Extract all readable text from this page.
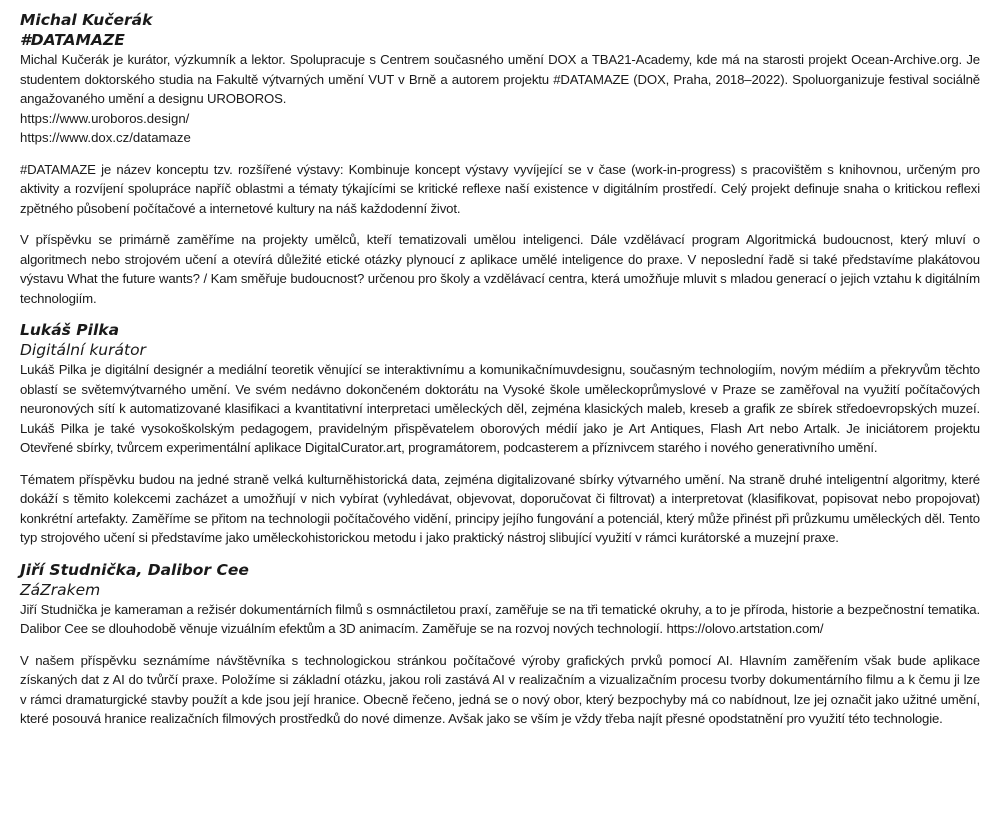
Michal Kučerák
#DATAMAZE

Michal Kučerák je kurátor, výzkumník a lektor. Spolupracuje s Centrem současného umění DOX a TBA21-Academy, kde má na starosti projekt Ocean-Archive.org. Je studentem doktorského studia na Fakultě výtvarných umění VUT v Brně a autorem projektu #DATAMAZE (DOX, Praha, 2018–2022). Spoluorganizuje festival sociálně angažovaného umění a designu UROBOROS.

https://www.uroboros.design/
https://www.dox.cz/datamaze

#DATAMAZE je název konceptu tzv. rozšířené výstavy: Kombinuje koncept výstavy vyvíjející se v čase (work-in-progress) s pracovištěm s knihovnou, určeným pro aktivity a rozvíjení spolupráce napříč oblastmi a tématy týkajícími se kritické reflexe naší existence v digitálním prostředí. Celý projekt definuje snaha o kritickou reflexi zpětného působení počítačové a internetové kultury na náš každodenní život.

V příspěvku se primárně zaměříme na projekty umělců, kteří tematizovali umělou inteligenci. Dále vzdělávací program Algoritmická budoucnost, který mluví o algoritmech nebo strojovém učení a otevírá důležité etické otázky plynoucí z aplikace umělé inteligence do praxe. V neposlední řadě si také představíme plakátovou výstavu What the future wants? / Kam směřuje budoucnost? určenou pro školy a vzdělávací centra, která umožňuje mluvit s mladou generací o jejich vztahu k digitálním technologiím.

Lukáš Pilka
Digitální kurátor

Lukáš Pilka je digitální designér a mediální teoretik věnující se interaktivnímu a komunikačnímuvdesignu, současným technologiím, novým médiím a překryvům těchto oblastí se světemvýtvarného umění. Ve svém nedávno dokončeném doktorátu na Vysoké škole uměleckoprůmyslové v Praze se zaměřoval na využití počítačových neuronových sítí k automatizované klasifikaci a kvantitativní interpretaci uměleckých děl, zejména klasických maleb, kreseb a grafik ze sbírek středoevropských muzeí. Lukáš Pilka je také vysokoškolským pedagogem, pravidelným přispěvatelem oborových médií jako je Art Antiques, Flash Art nebo Artalk. Je iniciátorem projektu Otevřené sbírky, tvůrcem experimentální aplikace DigitalCurator.art, programátorem, podcasterem a příznivcem starého i nového generativního umění.

Tématem příspěvku budou na jedné straně velká kulturněhistorická data, zejména digitalizované sbírky výtvarného umění. Na straně druhé inteligentní algoritmy, které dokáží s těmito kolekcemi zacházet a umožňují v nich vybírat (vyhledávat, objevovat, doporučovat či filtrovat) a interpretovat (klasifikovat, popisovat nebo propojovat) konkrétní artefakty. Zaměříme se přitom na technologii počítačového vidění, principy jejího fungování a potenciál, který může přinést při průzkumu uměleckých děl. Tento typ strojového učení si představíme jako uměleckohistorickou metodu i jako praktický nástroj slibující využití v rámci kurátorské a muzejní praxe.

Jiří Studnička, Dalibor Cee
ZáZrakem

Jiří Studnička je kameraman a režisér dokumentárních filmů s osmnáctiletou praxí, zaměřuje se na tři tematické okruhy, a to je příroda, historie a bezpečnostní tematika. Dalibor Cee se dlouhodobě věnuje vizuálním efektům a 3D animacím. Zaměřuje se na rozvoj nových technologií. https://olovo.artstation.com/

V našem příspěvku seznámíme návštěvníka s technologickou stránkou počítačové výroby grafických prvků pomocí AI. Hlavním zaměřením však bude aplikace získaných dat z AI do tvůrčí praxe. Položíme si základní otázku, jakou roli zastává AI v realizačním a vizualizačním procesu tvorby dokumentárního filmu a k čemu ji lze v rámci dramaturgické stavby použít a kde jsou její hranice. Obecně řečeno, jedná se o nový obor, který bezpochyby má co nabídnout, lze jej označit jako užitné umění, které posouvá hranice realizačních filmových prostředků do nové dimenze. Avšak jako se vším je vždy třeba najít přesné opodstatnění pro využití této technologie.
